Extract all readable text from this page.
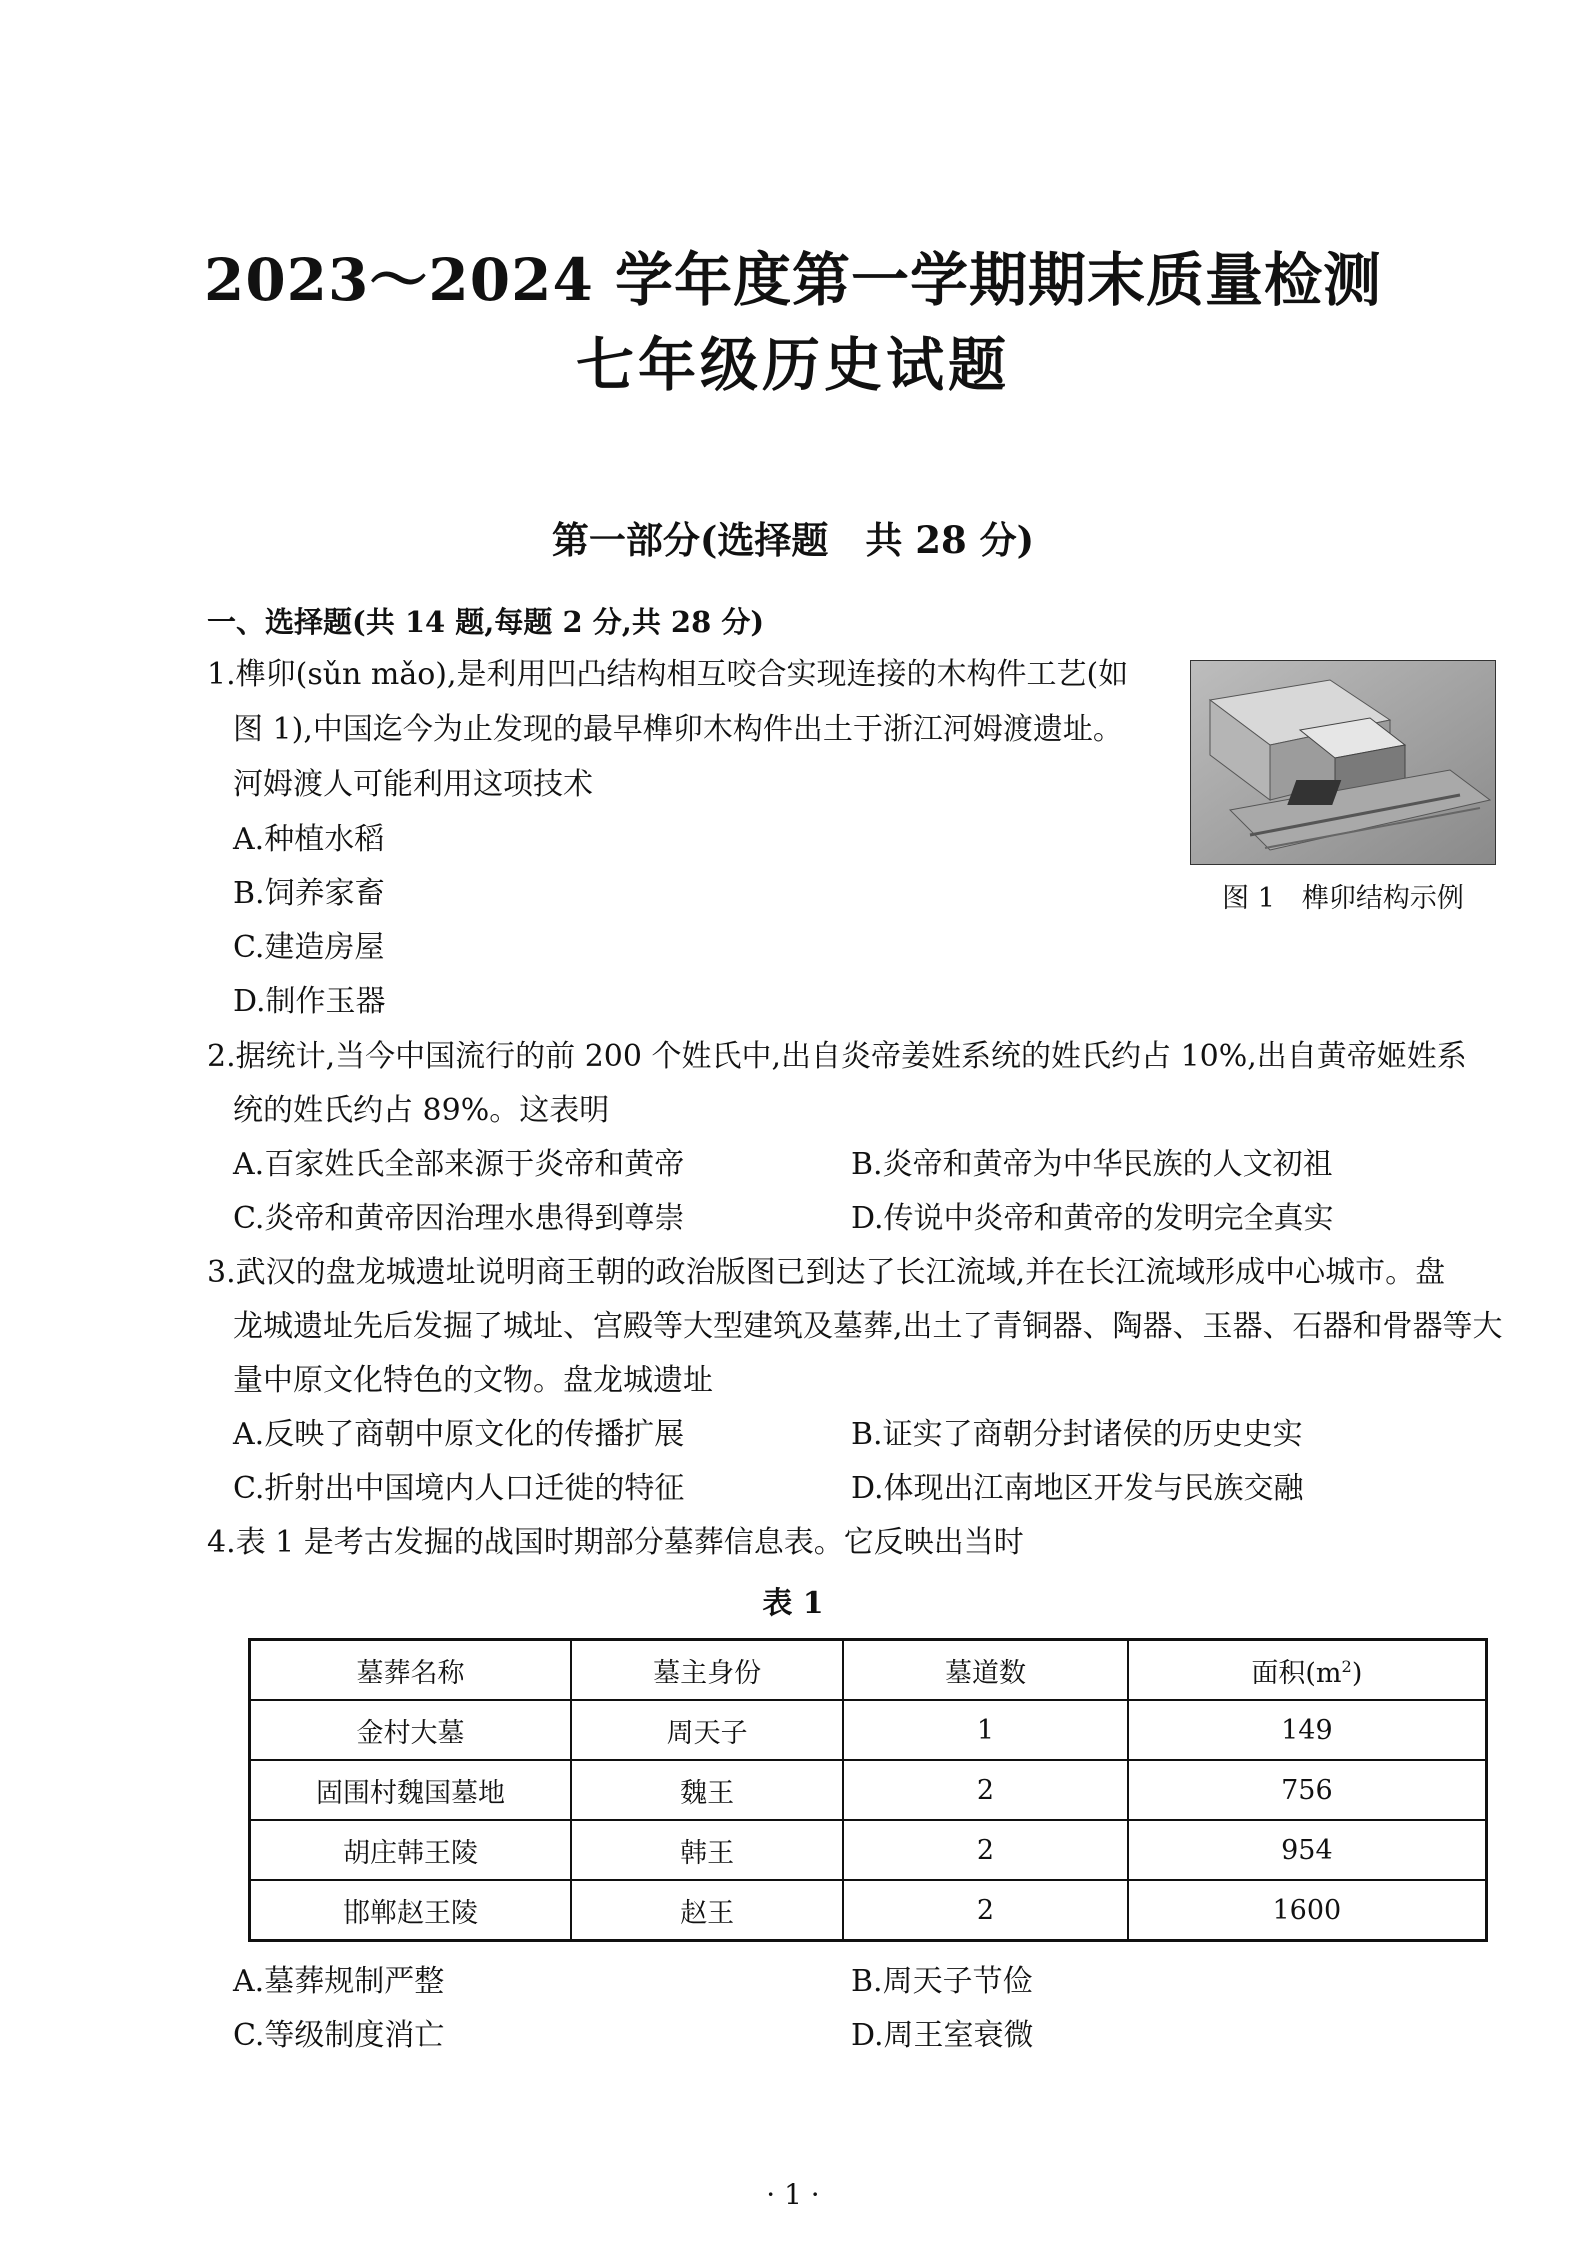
2023～2024 学年度第一学期期末质量检测
七年级历史试题
第一部分(选择题　共 28 分)
一、选择题(共 14 题,每题 2 分,共 28 分)
1.榫卯(sǔn mǎo),是利用凹凸结构相互咬合实现连接的木构件工艺(如
图 1),中国迄今为止发现的最早榫卯木构件出土于浙江河姆渡遗址。
河姆渡人可能利用这项技术
A.种植水稻
B.饲养家畜
C.建造房屋
D.制作玉器
图 1　榫卯结构示例
2.据统计,当今中国流行的前 200 个姓氏中,出自炎帝姜姓系统的姓氏约占 10%,出自黄帝姬姓系
统的姓氏约占 89%。这表明
A.百家姓氏全部来源于炎帝和黄帝	B.炎帝和黄帝为中华民族的人文初祖
C.炎帝和黄帝因治理水患得到尊崇	D.传说中炎帝和黄帝的发明完全真实
3.武汉的盘龙城遗址说明商王朝的政治版图已到达了长江流域,并在长江流域形成中心城市。盘
龙城遗址先后发掘了城址、宫殿等大型建筑及墓葬,出土了青铜器、陶器、玉器、石器和骨器等大
量中原文化特色的文物。盘龙城遗址
A.反映了商朝中原文化的传播扩展	B.证实了商朝分封诸侯的历史史实
C.折射出中国境内人口迁徙的特征	D.体现出江南地区开发与民族交融
4.表 1 是考古发掘的战国时期部分墓葬信息表。它反映出当时
表 1
墓葬名称	墓主身份	墓道数	面积$(m^2)$
金村大墓	周天子	1	149
固围村魏国墓地	魏王	2	756
胡庄韩王陵	韩王	2	954
邯郸赵王陵	赵王	2	1600
A.墓葬规制严整	B.周天子节俭
C.等级制度消亡	D.周王室衰微
· 1 ·
